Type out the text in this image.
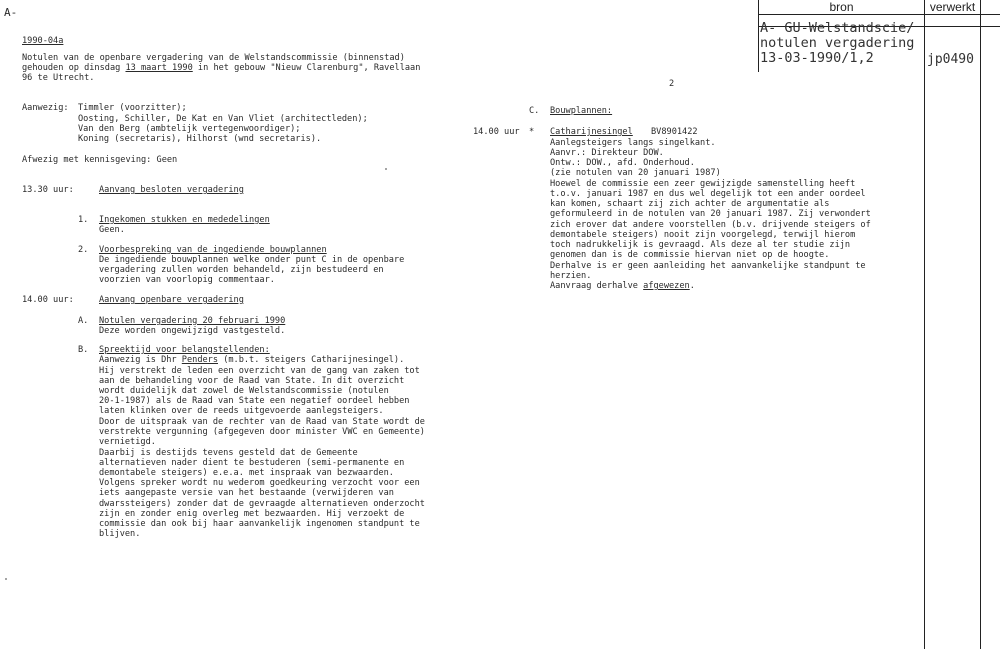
A-	bron	verwerkt
A- GU-Welstandscie/
notulen vergadering
13-03-1990/1,2	jp0490
1990-04a
Notulen van de openbare vergadering van de Welstandscommissie (binnenstad)
gehouden op dinsdag 13 maart 1990 in het gebouw "Nieuw Clarenburg", Ravellaan
96 te Utrecht.
Aanwezig: Timmler (voorzitter);
Oosting, Schiller, De Kat en Van Vliet (architectleden);
Van den Berg (ambtelijk vertegenwoordiger);
Koning (secretaris), Hilhorst (wnd secretaris).
Afwezig met kennisgeving: Geen
13.30 uur:	Aanvang besloten vergadering
1. Ingekomen stukken en mededelingen
Geen.
2. Voorbespreking van de ingediende bouwplannen
De ingediende bouwplannen welke onder punt C in de openbare
vergadering zullen worden behandeld, zijn bestudeerd en
voorzien van voorlopig commentaar.
14.00 uur:	Aanvang openbare vergadering
A. Notulen vergadering 20 februari 1990
Deze worden ongewijzigd vastgesteld.
B. Spreektijd voor belangstellenden:
Aanwezig is Dhr Penders (m.b.t. steigers Catharijnesingel).
Hij verstrekt de leden een overzicht van de gang van zaken tot
aan de behandeling voor de Raad van State. In dit overzicht
wordt duidelijk dat zowel de Welstandscommissie (notulen
20-1-1987) als de Raad van State een negatief oordeel hebben
laten klinken over de reeds uitgevoerde aanlegsteigers.
Door de uitspraak van de rechter van de Raad van State wordt de
verstrekte vergunning (afgegeven door minister VWC en Gemeente)
vernietigd.
Daarbij is destijds tevens gesteld dat de Gemeente
alternatieven nader dient te bestuderen (semi-permanente en
demontabele steigers) e.e.a. met inspraak van bezwaarden.
Volgens spreker wordt nu wederom goedkeuring verzocht voor een
iets aangepaste versie van het bestaande (verwijderen van
dwarssteigers) zonder dat de gevraagde alternatieven onderzocht
zijn en zonder enig overleg met bezwaarden. Hij verzoekt de
commissie dan ook bij haar aanvankelijk ingenomen standpunt te
blijven.
2
C. Bouwplannen:
14.00 uur * Catharijnesingel BV8901422
Aanlegsteigers langs singelkant.
Aanvr.: Direkteur DOW.
Ontw.: DOW., afd. Onderhoud.
(zie notulen van 20 januari 1987)
Hoewel de commissie een zeer gewijzigde samenstelling heeft
t.o.v. januari 1987 en dus wel degelijk tot een ander oordeel
kan komen, schaart zij zich achter de argumentatie als
geformuleerd in de notulen van 20 januari 1987. Zij verwondert
zich erover dat andere voorstellen (b.v. drijvende steigers of
demontabele steigers) nooit zijn voorgelegd, terwijl hierom
toch nadrukkelijk is gevraagd. Als deze al ter studie zijn
genomen dan is de commissie hiervan niet op de hoogte.
Derhalve is er geen aanleiding het aanvankelijke standpunt te
herzien.
Aanvraag derhalve afgewezen.
